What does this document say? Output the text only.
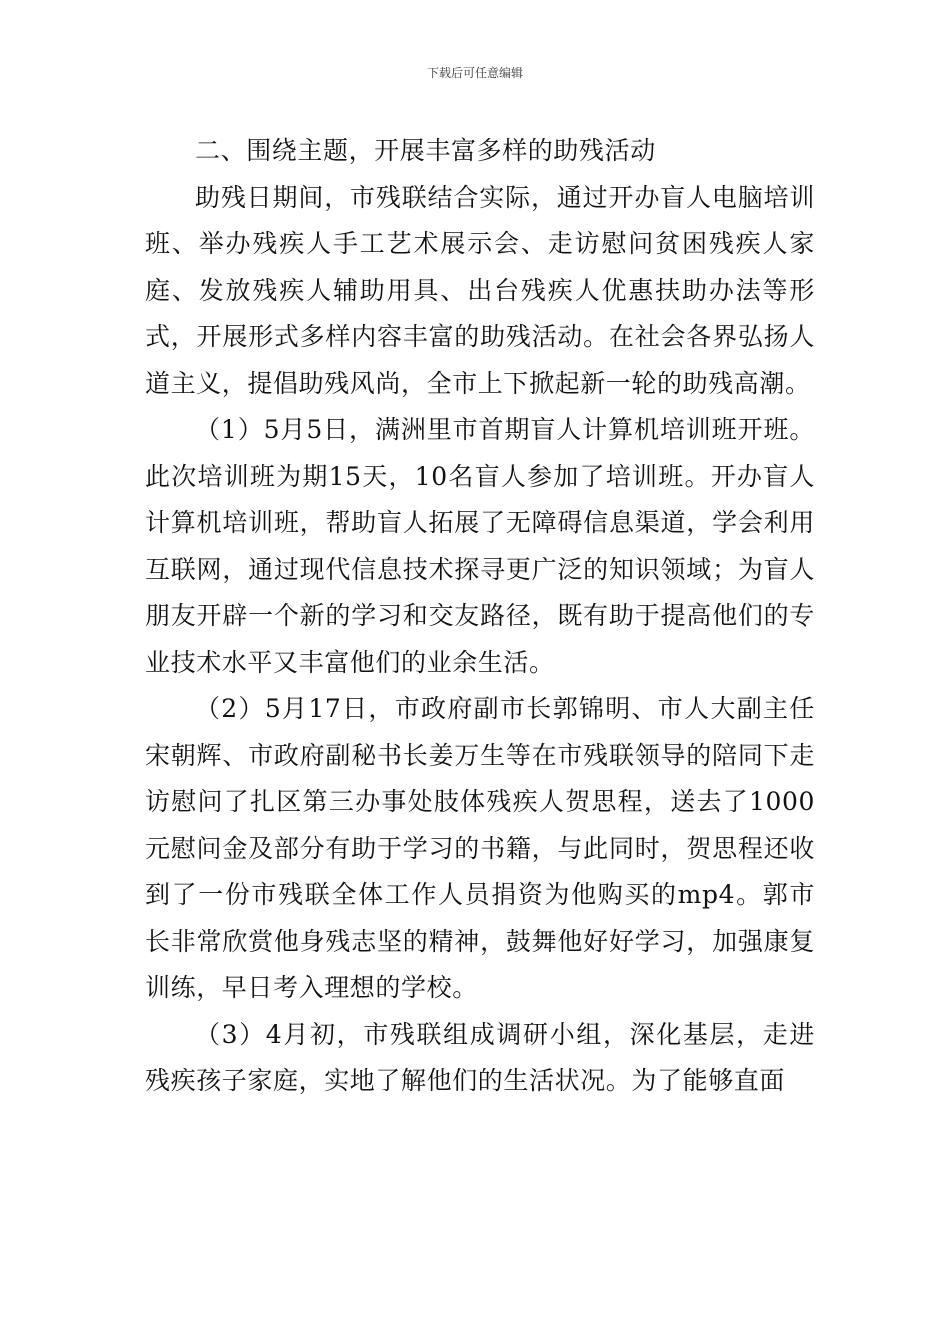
下载后可任意编辑

二、围绕主题，开展丰富多样的助残活动

助残日期间，市残联结合实际，通过开办盲人电脑培训班、举办残疾人手工艺术展示会、走访慰问贫困残疾人家庭、发放残疾人辅助用具、出台残疾人优惠扶助办法等形式，开展形式多样内容丰富的助残活动。在社会各界弘扬人道主义，提倡助残风尚，全市上下掀起新一轮的助残高潮。

（1）5月5日，满洲里市首期盲人计算机培训班开班。此次培训班为期15天，10名盲人参加了培训班。开办盲人计算机培训班，帮助盲人拓展了无障碍信息渠道，学会利用互联网，通过现代信息技术探寻更广泛的知识领域；为盲人朋友开辟一个新的学习和交友路径，既有助于提高他们的专业技术水平又丰富他们的业余生活。

（2）5月17日，市政府副市长郭锦明、市人大副主任宋朝辉、市政府副秘书长姜万生等在市残联领导的陪同下走访慰问了扎区第三办事处肢体残疾人贺思程，送去了1000元慰问金及部分有助于学习的书籍，与此同时，贺思程还收到了一份市残联全体工作人员捐资为他购买的mp4。郭市长非常欣赏他身残志坚的精神，鼓舞他好好学习，加强康复训练，早日考入理想的学校。

（3）4月初，市残联组成调研小组，深化基层，走进残疾孩子家庭，实地了解他们的生活状况。为了能够直面
